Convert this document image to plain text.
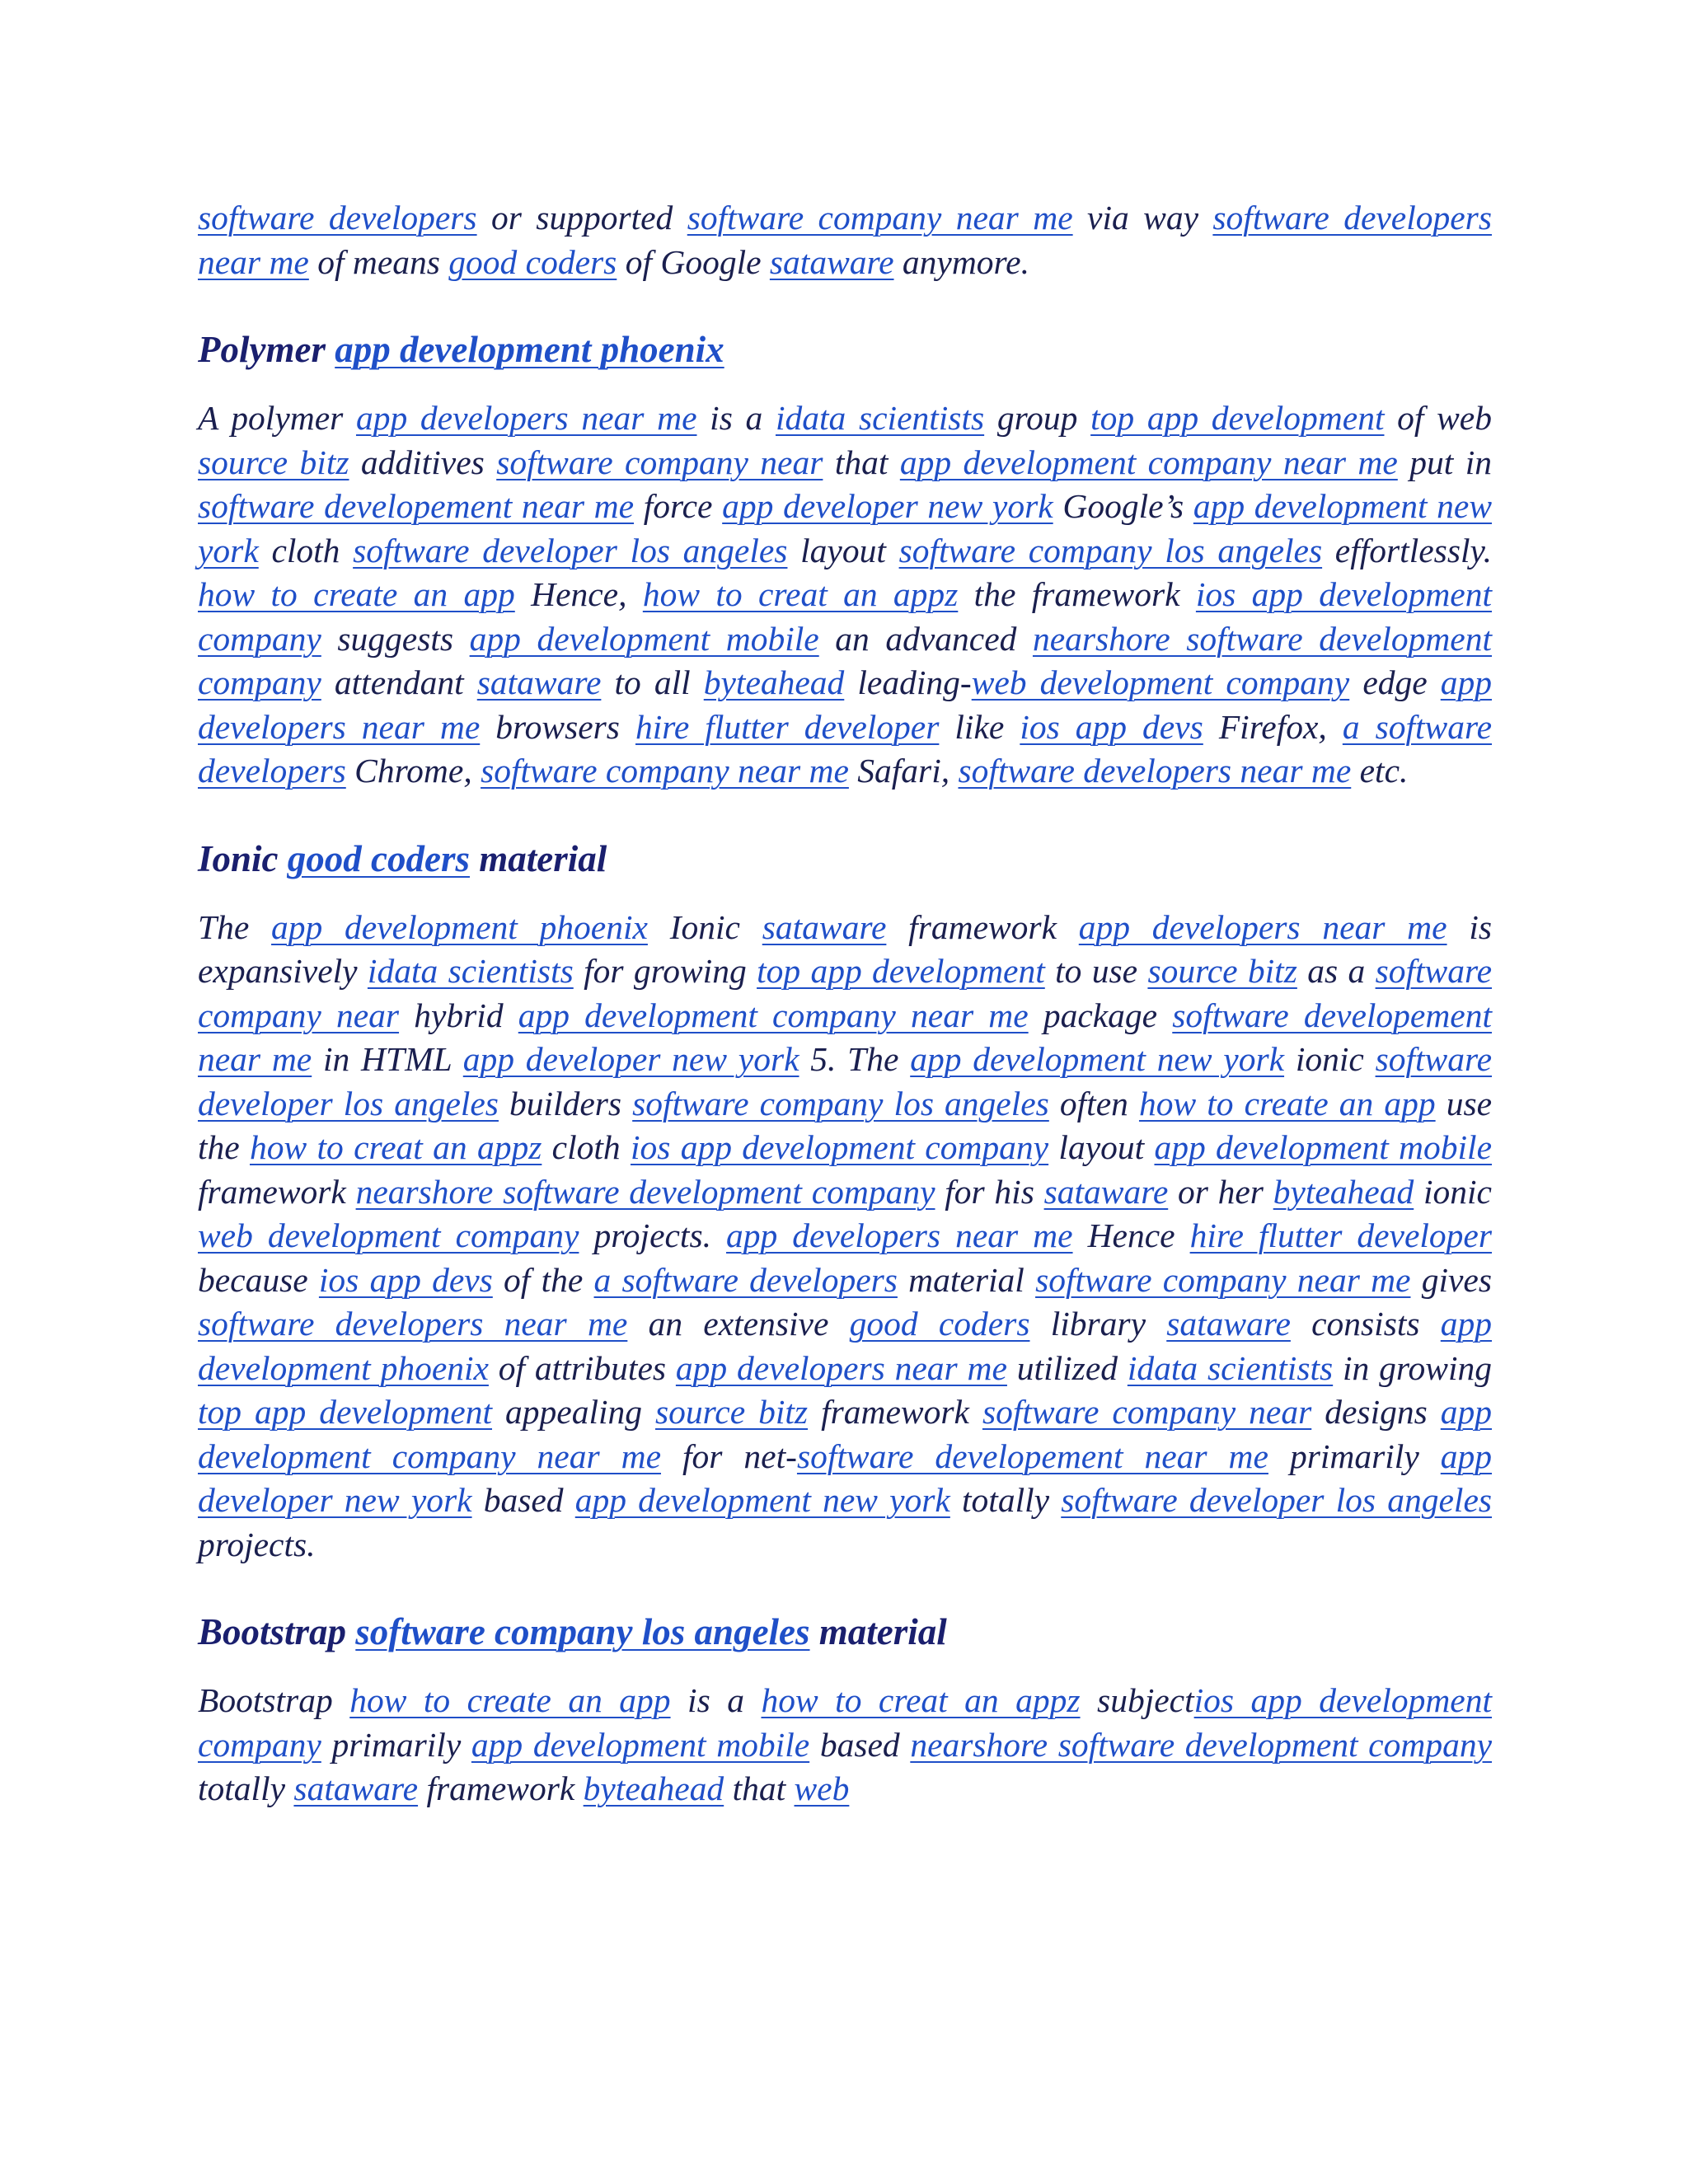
software developers or supported software company near me via way software developers near me of means good coders of Google sataware anymore.

Polymer app development phoenix

A polymer app developers near me is a idata scientists group top app development of web source bitz additives software company near that app development company near me put in software developement near me force app developer new york Google’s app development new york cloth software developer los angeles layout software company los angeles effortlessly. how to create an app Hence, how to creat an appz the framework ios app development company suggests app development mobile an advanced nearshore software development company attendant sataware to all byteahead leading-web development company edge app developers near me browsers hire flutter developer like ios app devs Firefox, a software developers Chrome, software company near me Safari, software developers near me etc.

Ionic good coders material

The app development phoenix Ionic sataware framework app developers near me is expansively idata scientists for growing top app development to use source bitz as a software company near hybrid app development company near me package software developement near me in HTML app developer new york 5. The app development new york ionic software developer los angeles builders software company los angeles often how to create an app use the how to creat an appz cloth ios app development company layout app development mobile framework nearshore software development company for his sataware or her byteahead ionic web development company projects. app developers near me Hence hire flutter developer because ios app devs of the a software developers material software company near me gives software developers near me an extensive good coders library sataware consists app development phoenix of attributes app developers near me utilized idata scientists in growing top app development appealing source bitz framework software company near designs app development company near me for net-software developement near me primarily app developer new york based app development new york totally software developer los angeles projects.

Bootstrap software company los angeles material

Bootstrap how to create an app is a how to creat an appz subjectios app development company primarily app development mobile based nearshore software development company totally sataware framework byteahead that web
